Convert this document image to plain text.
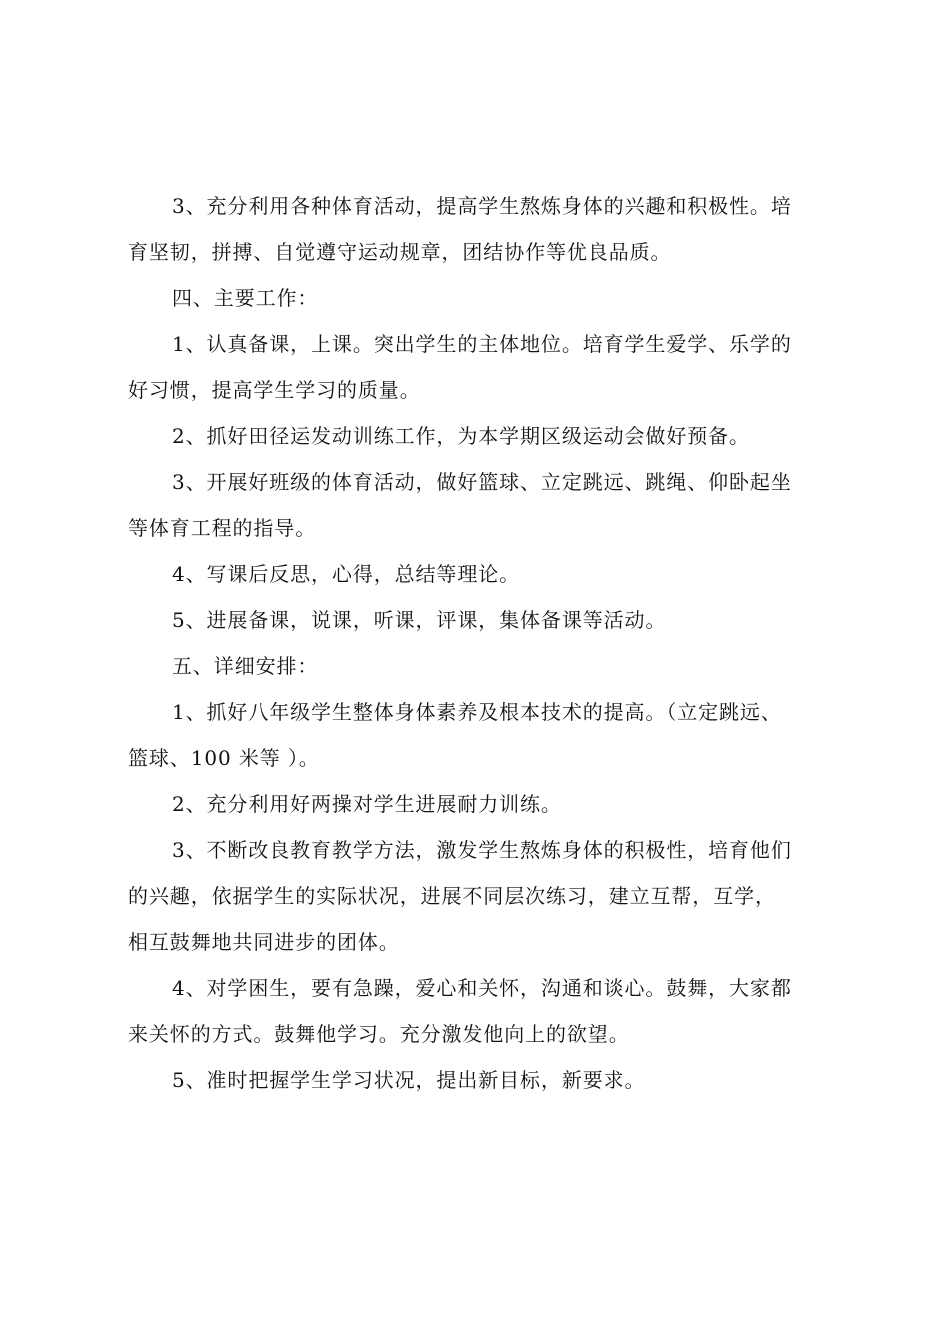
3、充分利用各种体育活动，提高学生熬炼身体的兴趣和积极性。培
育坚韧，拼搏、自觉遵守运动规章，团结协作等优良品质。
四、主要工作：
1、认真备课，上课。突出学生的主体地位。培育学生爱学、乐学的
好习惯，提高学生学习的质量。
2、抓好田径运发动训练工作，为本学期区级运动会做好预备。
3、开展好班级的体育活动，做好篮球、立定跳远、跳绳、仰卧起坐
等体育工程的指导。
4、写课后反思，心得，总结等理论。
5、进展备课，说课，听课，评课，集体备课等活动。
五、详细安排：
1、抓好八年级学生整体身体素养及根本技术的提高。（立定跳远、
篮球、100 米等 ）。
2、充分利用好两操对学生进展耐力训练。
3、不断改良教育教学方法，激发学生熬炼身体的积极性，培育他们
的兴趣，依据学生的实际状况，进展不同层次练习，建立互帮，互学，
相互鼓舞地共同进步的团体。
4、对学困生，要有急躁，爱心和关怀，沟通和谈心。鼓舞，大家都
来关怀的方式。鼓舞他学习。充分激发他向上的欲望。
5、准时把握学生学习状况，提出新目标，新要求。
